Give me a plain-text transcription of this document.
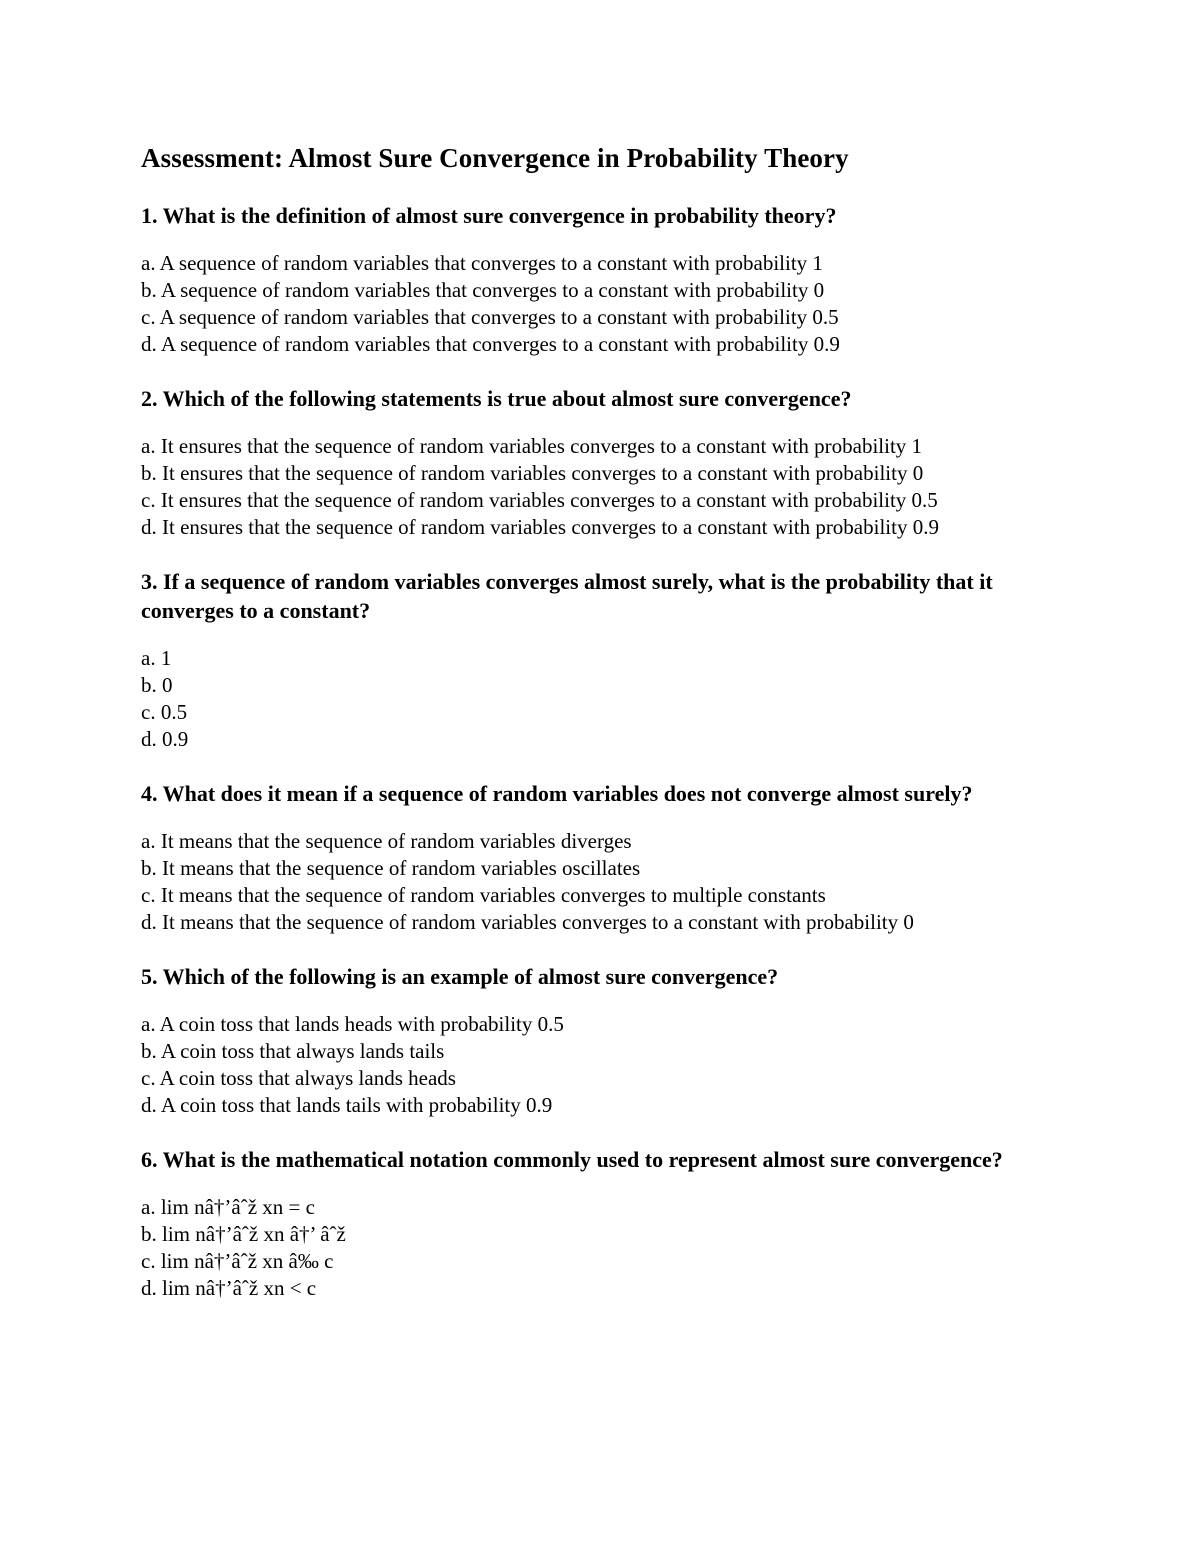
Assessment: Almost Sure Convergence in Probability Theory

1. What is the definition of almost sure convergence in probability theory?

a. A sequence of random variables that converges to a constant with probability 1
b. A sequence of random variables that converges to a constant with probability 0
c. A sequence of random variables that converges to a constant with probability 0.5
d. A sequence of random variables that converges to a constant with probability 0.9

2. Which of the following statements is true about almost sure convergence?

a. It ensures that the sequence of random variables converges to a constant with probability 1
b. It ensures that the sequence of random variables converges to a constant with probability 0
c. It ensures that the sequence of random variables converges to a constant with probability 0.5
d. It ensures that the sequence of random variables converges to a constant with probability 0.9

3. If a sequence of random variables converges almost surely, what is the probability that it converges to a constant?

a. 1
b. 0
c. 0.5
d. 0.9

4. What does it mean if a sequence of random variables does not converge almost surely?

a. It means that the sequence of random variables diverges
b. It means that the sequence of random variables oscillates
c. It means that the sequence of random variables converges to multiple constants
d. It means that the sequence of random variables converges to a constant with probability 0

5. Which of the following is an example of almost sure convergence?

a. A coin toss that lands heads with probability 0.5
b. A coin toss that always lands tails
c. A coin toss that always lands heads
d. A coin toss that lands tails with probability 0.9

6. What is the mathematical notation commonly used to represent almost sure convergence?

a. lim nâ†’âˆž xn = c
b. lim nâ†’âˆž xn â†’ âˆž
c. lim nâ†’âˆž xn â‰ c
d. lim nâ†’âˆž xn < c
